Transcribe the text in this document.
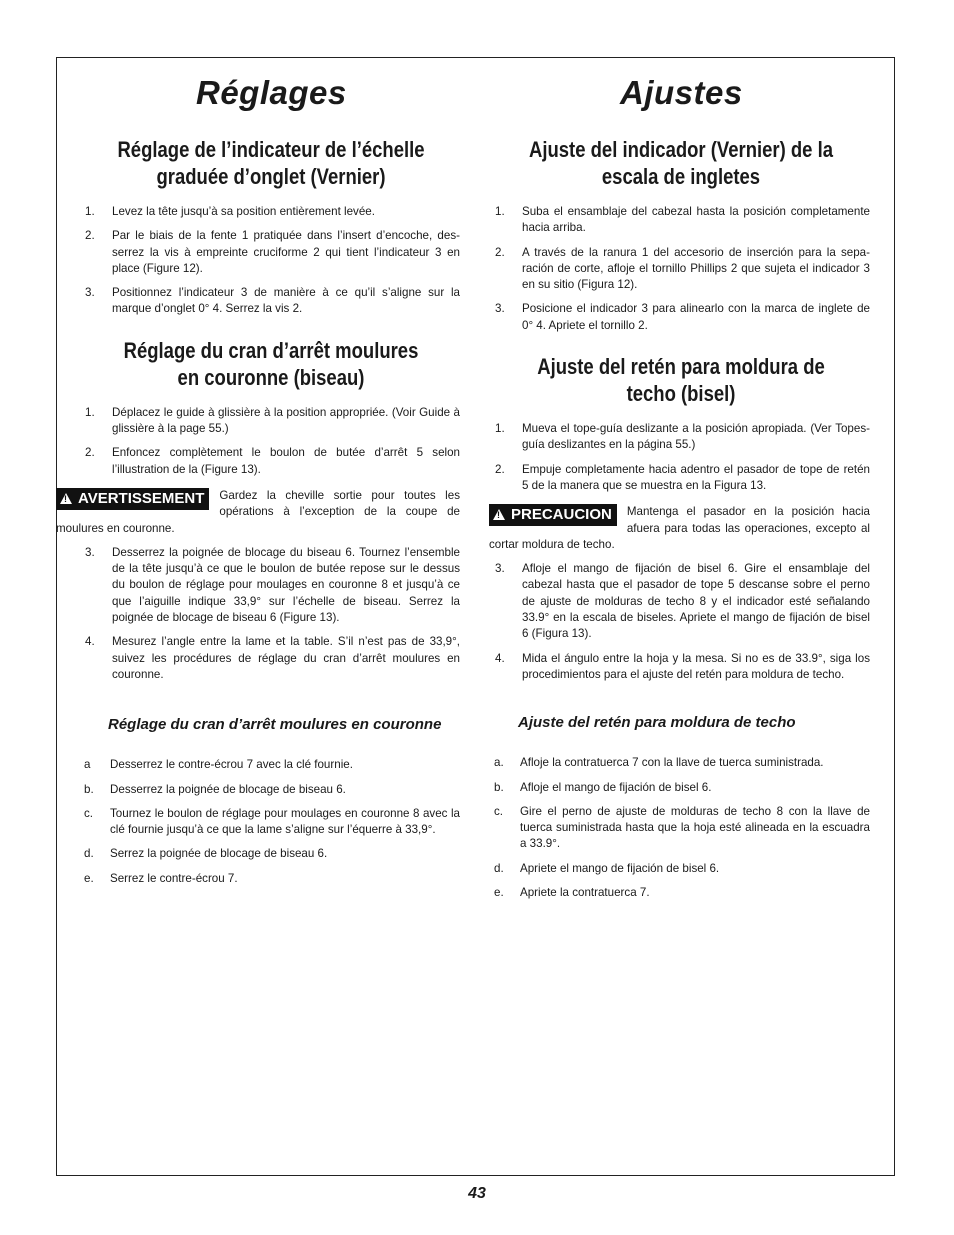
Réglages	Ajustes
Réglage de l’indicateur de l’échelle graduée d’onglet (Vernier)
1. Levez la tête jusqu’à sa position entièrement levée.
2. Par le biais de la fente 1 pratiquée dans l’insert d’encoche, desserrez la vis à empreinte cruciforme 2 qui tient l’indicateur 3 en place (Figure 12).
3. Positionnez l’indicateur 3 de manière à ce qu’il s’aligne sur la marque d’onglet 0° 4. Serrez la vis 2.
Réglage du cran d’arrêt moulures en couronne (biseau)
1. Déplacez le guide à glissière à la position appropriée. (Voir Guide à glissière à la page 55.)
2. Enfoncez complètement le boulon de butée d’arrêt 5 selon l’illustration de la (Figure 13).
!AVERTISSEMENT	Gardez la cheville sortie pour toutes les opérations à l’exception de la coupe de moulures en couronne.
3. Desserrez la poignée de blocage du biseau 6. Tournez l’ensemble de la tête jusqu’à ce que le boulon de butée repose sur le dessus du boulon de réglage pour moulages en couronne 8 et jusqu’à ce que l’aiguille indique 33,9° sur l’échelle de biseau. Serrez la poignée de blocage de biseau 6 (Figure 13).
4. Mesurez l’angle entre la lame et la table. S’il n’est pas de 33,9°, suivez les procédures de réglage du cran d’arrêt moulures en couronne.
Réglage du cran d’arrêt moulures en couronne
a Desserrez le contre-écrou 7 avec la clé fournie.
b. Desserrez la poignée de blocage de biseau 6.
c. Tournez le boulon de réglage pour moulages en couronne 8 avec la clé fournie jusqu’à ce que la lame s’aligne sur l’équerre à 33,9°.
d. Serrez la poignée de blocage de biseau 6.
e. Serrez le contre-écrou 7.
Ajuste del indicador (Vernier) de la escala de ingletes
1. Suba el ensamblaje del cabezal hasta la posición completamente hacia arriba.
2. A través de la ranura 1 del accesorio de inserción para la separación de corte, afloje el tornillo Phillips 2 que sujeta el indicador 3 en su sitio (Figura 12).
3. Posicione el indicador 3 para alinearlo con la marca de inglete de 0° 4. Apriete el tornillo 2.
Ajuste del retén para moldura de techo (bisel)
1. Mueva el tope-guía deslizante a la posición apropiada. (Ver Topes-guía deslizantes en la página 55.)
2. Empuje completamente hacia adentro el pasador de tope de retén 5 de la manera que se muestra en la Figura 13.
!PRECAUCION	Mantenga el pasador en la posición hacia afuera para todas las operaciones, excepto al cortar moldura de techo.
3. Afloje el mango de fijación de bisel 6. Gire el ensamblaje del cabezal hasta que el pasador de tope 5 descanse sobre el perno de ajuste de molduras de techo 8 y el indicador esté señalando 33.9° en la escala de biseles. Apriete el mango de fijación de bisel 6 (Figura 13).
4. Mida el ángulo entre la hoja y la mesa. Si no es de 33.9°, siga los procedimientos para el ajuste del retén para moldura de techo.
Ajuste del retén para moldura de techo
a. Afloje la contratuerca 7 con la llave de tuerca suministrada.
b. Afloje el mango de fijación de bisel 6.
c. Gire el perno de ajuste de molduras de techo 8 con la llave de tuerca suministrada hasta que la hoja esté alineada en la escuadra a 33.9°.
d. Apriete el mango de fijación de bisel 6.
e. Apriete la contratuerca 7.
43
